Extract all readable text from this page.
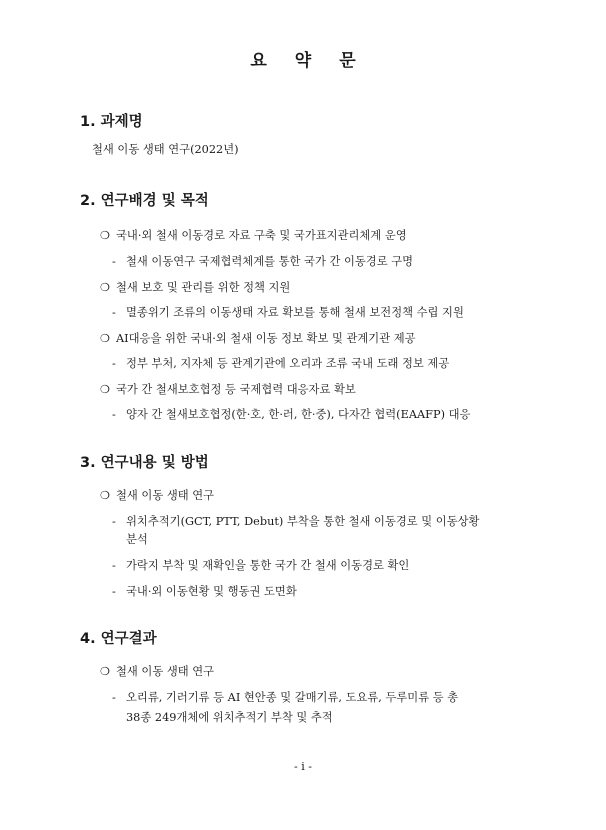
요약문
1. 과제명
철새 이동 생태 연구(2022년)
2. 연구배경 및 목적
❍ 국내·외 철새 이동경로 자료 구축 및 국가표지관리체계 운영
- 철새 이동연구 국제협력체계를 통한 국가 간 이동경로 구명
❍ 철새 보호 및 관리를 위한 정책 지원
- 멸종위기 조류의 이동생태 자료 확보를 통해 철새 보전정책 수립 지원
❍ AI대응을 위한 국내·외 철새 이동 정보 확보 및 관계기관 제공
- 정부 부처, 지자체 등 관계기관에 오리과 조류 국내 도래 정보 제공
❍ 국가 간 철새보호협정 등 국제협력 대응자료 확보
- 양자 간 철새보호협정(한·호, 한·러, 한·중), 다자간 협력(EAAFP) 대응
3. 연구내용 및 방법
❍ 철새 이동 생태 연구
- 위치추적기(GCT, PTT, Debut) 부착을 통한 철새 이동경로 및 이동상황
분석
- 가락지 부착 및 재확인을 통한 국가 간 철새 이동경로 확인
- 국내·외 이동현황 및 행동권 도면화
4. 연구결과
❍ 철새 이동 생태 연구
- 오리류, 기러기류 등 AI 현안종 및 갈매기류, 도요류, 두루미류 등 총
38종 249개체에 위치추적기 부착 및 추적
- i -
